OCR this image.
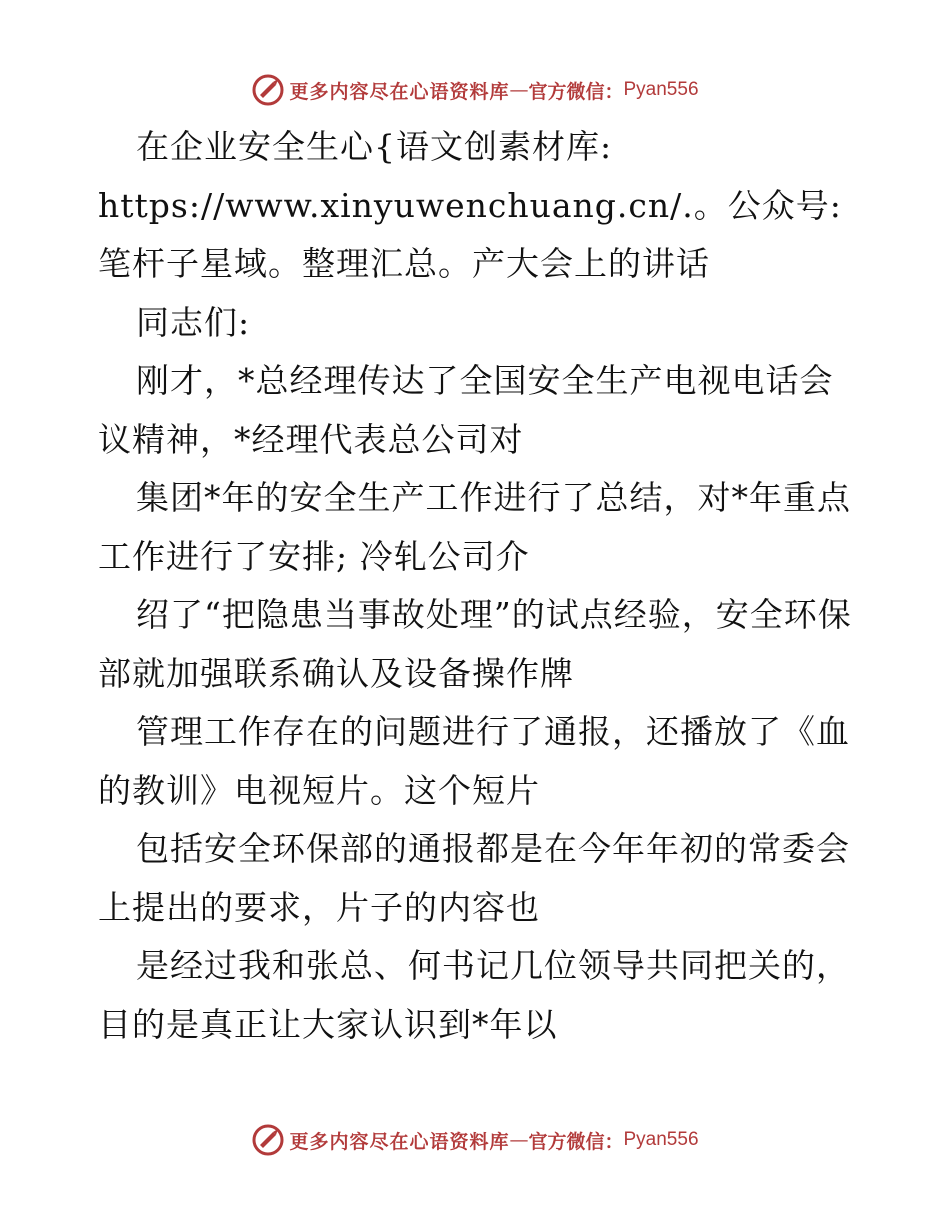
更多内容尽在心语资料库 — 官方微信： Pyan556

在企业安全生心{语文创素材库: https://www.xinyuwenchuang.cn/.。公众号: 笔杆子星域。整理汇总。产大会上的讲话

同志们:

刚才，*总经理传达了全国安全生产电视电话会议精神，*经理代表总公司对

集团*年的安全生产工作进行了总结，对*年重点工作进行了安排; 冷轧公司介

绍了“把隐患当事故处理”的试点经验，安全环保部就加强联系确认及设备操作牌

管理工作存在的问题进行了通报，还播放了《血的教训》电视短片。这个短片

包括安全环保部的通报都是在今年年初的常委会上提出的要求，片子的内容也

是经过我和张总、何书记几位领导共同把关的，目的是真正让大家认识到*年以

更多内容尽在心语资料库 — 官方微信： Pyan556
